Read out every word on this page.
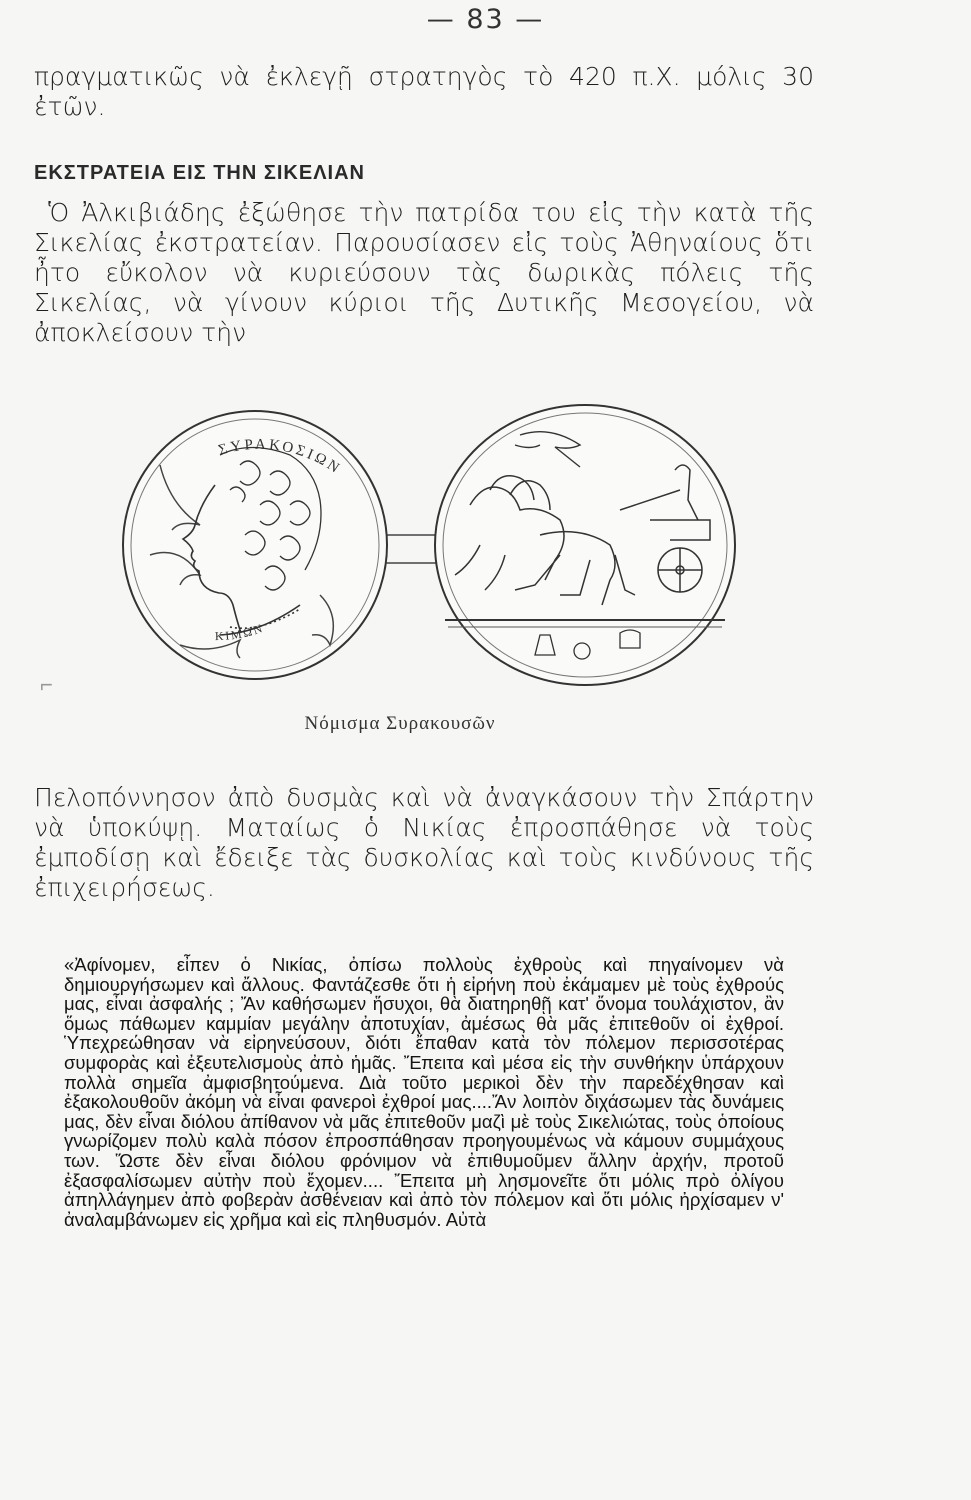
— 83 —

πραγματικῶς νὰ ἐκλεγῇ στρατηγὸς τὸ 420 π.Χ. μόλις 30 ἐτῶν.

ΕΚΣΤΡΑΤΕΙΑ ΕΙΣ ΤΗΝ ΣΙΚΕΛΙΑΝ

Ὁ Ἀλκιβιάδης ἐξώθησε τὴν πατρίδα του εἰς τὴν κατὰ τῆς Σικελίας ἐκστρατείαν. Παρουσίασεν εἰς τοὺς Ἀθηναίους ὅτι ἦτο εὔκολον νὰ κυριεύσουν τὰς δωρικὰς πόλεις τῆς Σικελίας, νὰ γίνουν κύριοι τῆς Δυτικῆς Μεσογείου, νὰ ἀποκλείσουν τὴν

ΣΥΡΑΚΟΣΙΩΝ
ΚΙΜΩΝ
Νόμισμα Συρακουσῶν
⌐

Πελοπόννησον ἀπὸ δυσμὰς καὶ νὰ ἀναγκάσουν τὴν Σπάρτην νὰ ὑποκύψῃ. Ματαίως ὁ Νικίας ἐπροσπάθησε νὰ τοὺς ἐμποδίσῃ καὶ ἔδειξε τὰς δυσκολίας καὶ τοὺς κινδύνους τῆς ἐπιχειρήσεως.

«Ἀφίνομεν, εἶπεν ὁ Νικίας, ὀπίσω πολλοὺς ἐχθροὺς καὶ πηγαίνομεν νὰ δημιουργήσωμεν καὶ ἄλλους. Φαντάζεσθε ὅτι ἡ εἰρήνη ποὺ ἐκάμαμεν μὲ τοὺς ἐχθρούς μας, εἶναι ἀσφαλής ; Ἄν καθήσωμεν ἥσυχοι, θὰ διατηρηθῇ κατ' ὄνομα τουλάχιστον, ἂν ὅμως πάθωμεν καμμίαν μεγάλην ἀποτυχίαν, ἀμέσως θὰ μᾶς ἐπιτεθοῦν οἱ ἐχθροί. Ὑπεχρεώθησαν νὰ εἰρηνεύσουν, διότι ἔπαθαν κατὰ τὸν πόλεμον περισσοτέρας συμφορὰς καὶ ἐξευτελισμοὺς ἀπὸ ἡμᾶς. Ἔπειτα καὶ μέσα εἰς τὴν συνθήκην ὑπάρχουν πολλὰ σημεῖα ἀμφισβητούμενα. Διὰ τοῦτο μερικοὶ δὲν τὴν παρεδέχθησαν καὶ ἐξακολουθοῦν ἀκόμη νὰ εἶναι φανεροὶ ἐχθροί μας....Ἄν λοιπὸν διχάσωμεν τὰς δυνάμεις μας, δὲν εἶναι διόλου ἀπίθανον νὰ μᾶς ἐπιτεθοῦν μαζὶ μὲ τοὺς Σικελιώτας, τοὺς ὁποίους γνωρίζομεν πολὺ καλὰ πόσον ἐπροσπάθησαν προηγουμένως νὰ κάμουν συμμάχους των. Ὥστε δὲν εἶναι διόλου φρόνιμον νὰ ἐπιθυμοῦμεν ἄλλην ἀρχήν, προτοῦ ἐξασφαλίσωμεν αὐτὴν ποὺ ἔχομεν.... Ἔπειτα μὴ λησμονεῖτε ὅτι μόλις πρὸ ὀλίγου ἀπηλλάγημεν ἀπὸ φοβερὰν ἀσθένειαν καὶ ἀπὸ τὸν πόλεμον καὶ ὅτι μόλις ἠρχίσαμεν ν' ἀναλαμβάνωμεν εἰς χρῆμα καὶ εἰς πληθυσμόν. Αὐτὰ
